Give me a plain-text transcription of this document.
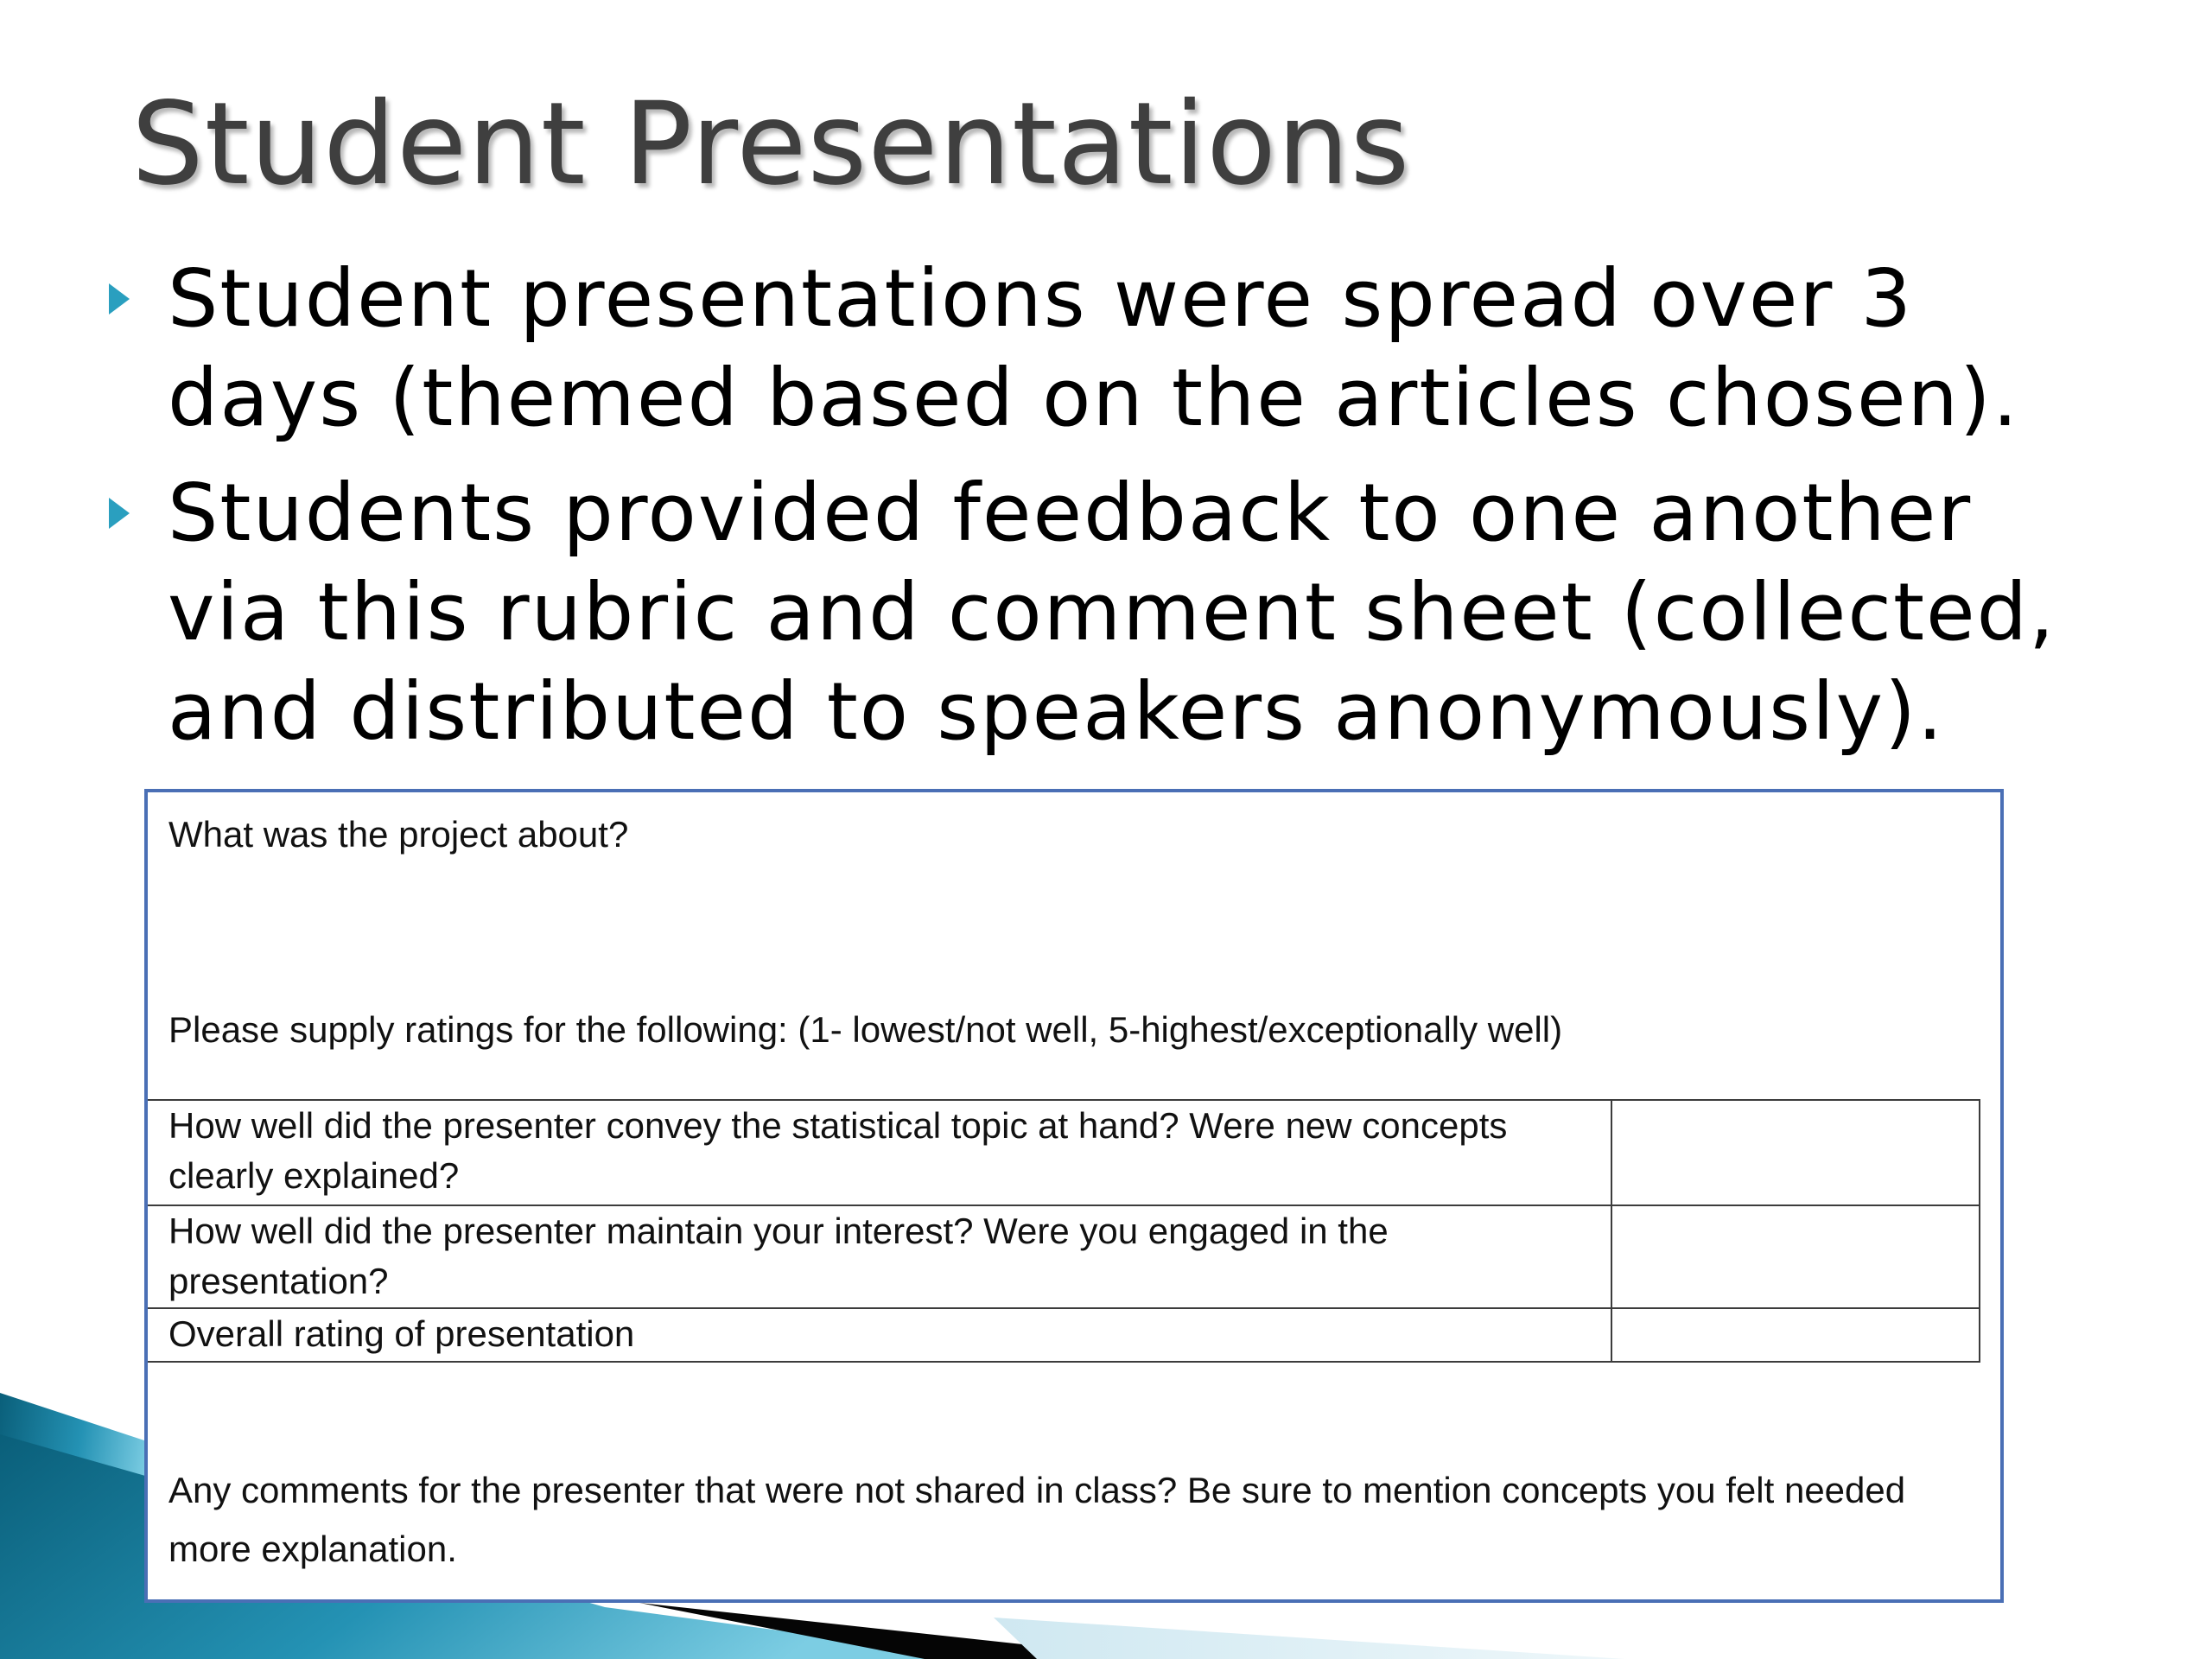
Student Presentations
Student presentations were spread over 3 days (themed based on the articles chosen).
Students provided feedback to one another via this rubric and comment sheet (collected, and distributed to speakers anonymously).
What was the project about?
Please supply ratings for the following: (1- lowest/not well, 5-highest/exceptionally well)
How well did the presenter convey the statistical topic at hand? Were new concepts clearly explained?	
How well did the presenter maintain your interest? Were you engaged in the presentation?	
Overall rating of presentation	
Any comments for the presenter that were not shared in class? Be sure to mention concepts you felt needed more explanation.
